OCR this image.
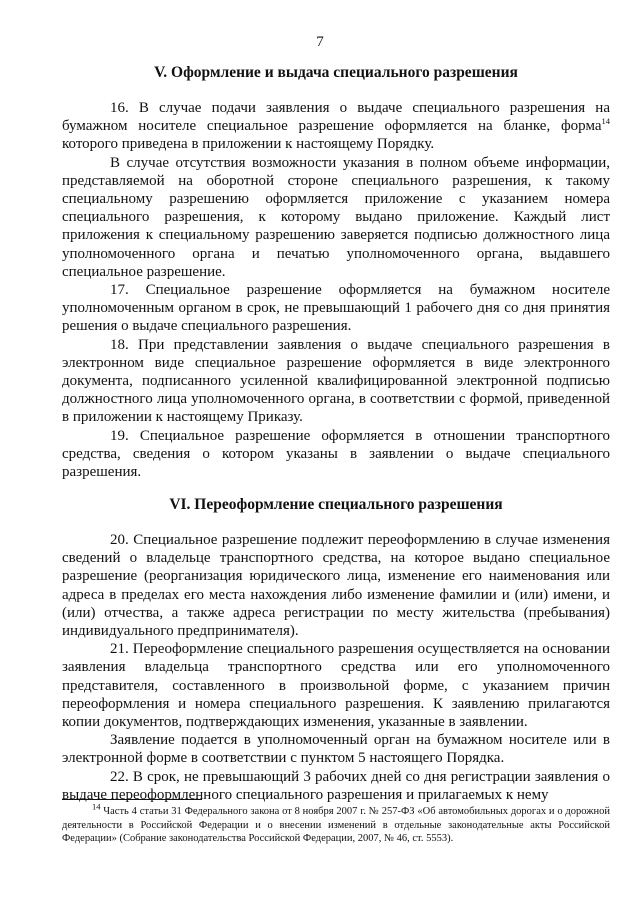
7
V. Оформление и выдача специального разрешения

16. В случае подачи заявления о выдаче специального разрешения на бумажном носителе специальное разрешение оформляется на бланке, форма$^{14}$ которого приведена в приложении к настоящему Порядку.

В случае отсутствия возможности указания в полном объеме информации, представляемой на оборотной стороне специального разрешения, к такому специальному разрешению оформляется приложение с указанием номера специального разрешения, к которому выдано приложение. Каждый лист приложения к специальному разрешению заверяется подписью должностного лица уполномоченного органа и печатью уполномоченного органа, выдавшего специальное разрешение.

17. Специальное разрешение оформляется на бумажном носителе уполномоченным органом в срок, не превышающий 1 рабочего дня со дня принятия решения о выдаче специального разрешения.

18. При представлении заявления о выдаче специального разрешения в электронном виде специальное разрешение оформляется в виде электронного документа, подписанного усиленной квалифицированной электронной подписью должностного лица уполномоченного органа, в соответствии с формой, приведенной в приложении к настоящему Приказу.

19. Специальное разрешение оформляется в отношении транспортного средства, сведения о котором указаны в заявлении о выдаче специального разрешения.

VI. Переоформление специального разрешения

20. Специальное разрешение подлежит переоформлению в случае изменения сведений о владельце транспортного средства, на которое выдано специальное разрешение (реорганизация юридического лица, изменение его наименования или адреса в пределах его места нахождения либо изменение фамилии и (или) имени, и (или) отчества, а также адреса регистрации по месту жительства (пребывания) индивидуального предпринимателя).

21. Переоформление специального разрешения осуществляется на основании заявления владельца транспортного средства или его уполномоченного представителя, составленного в произвольной форме, с указанием причин переоформления и номера специального разрешения. К заявлению прилагаются копии документов, подтверждающих изменения, указанные в заявлении.

Заявление подается в уполномоченный орган на бумажном носителе или в электронной форме в соответствии с пунктом 5 настоящего Порядка.

22. В срок, не превышающий 3 рабочих дней со дня регистрации заявления о выдаче переоформленного специального разрешения и прилагаемых к нему

$^{14}$ Часть 4 статьи 31 Федерального закона от 8 ноября 2007 г. № 257-ФЗ «Об автомобильных дорогах и о дорожной деятельности в Российской Федерации и о внесении изменений в отдельные законодательные акты Российской Федерации» (Собрание законодательства Российской Федерации, 2007, № 46, ст. 5553).
